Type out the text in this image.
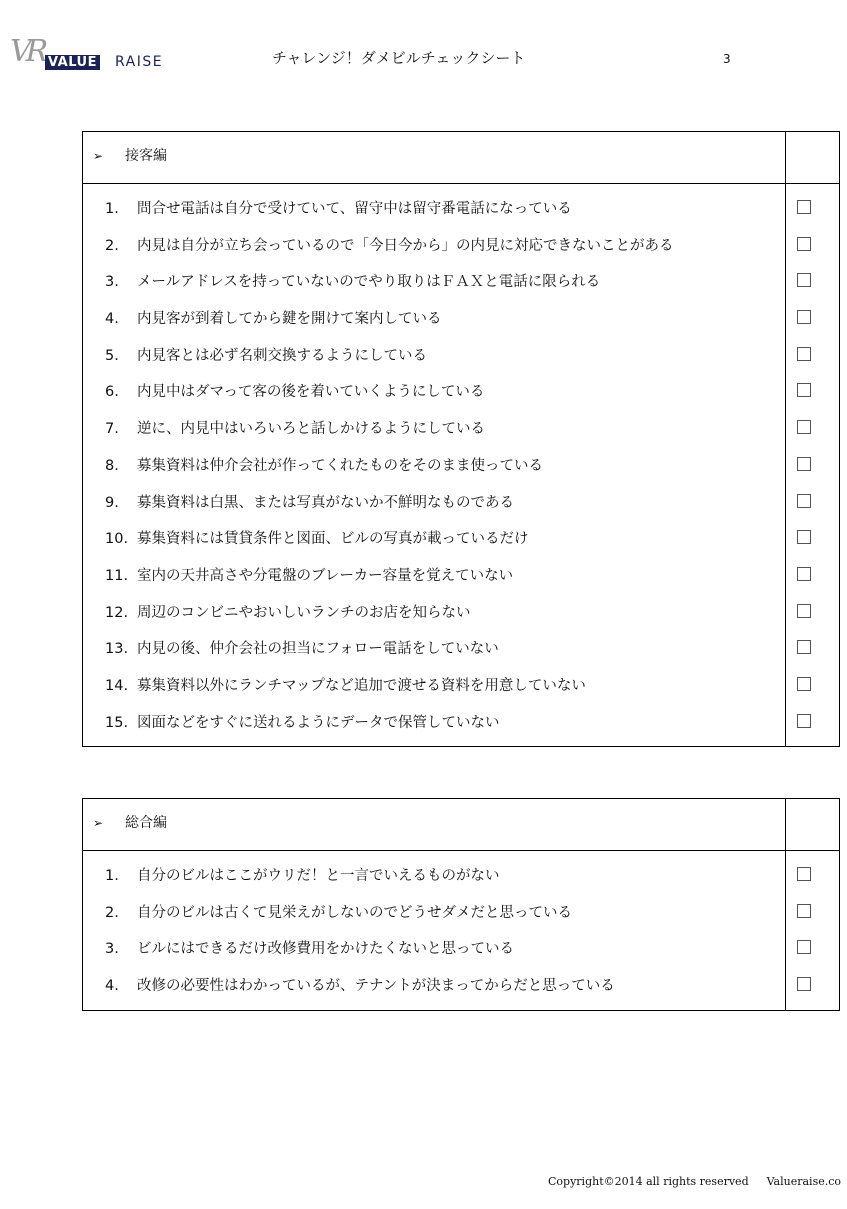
VR VALUE RAISE	チャレンジ！ダメビルチェックシート	3
➢ 接客編
1. 問合せ電話は自分で受けていて、留守中は留守番電話になっている
2. 内見は自分が立ち会っているので「今日今から」の内見に対応できないことがある
3. メールアドレスを持っていないのでやり取りはＦＡＸと電話に限られる
4. 内見客が到着してから鍵を開けて案内している
5. 内見客とは必ず名刺交換するようにしている
6. 内見中はダマって客の後を着いていくようにしている
7. 逆に、内見中はいろいろと話しかけるようにしている
8. 募集資料は仲介会社が作ってくれたものをそのまま使っている
9. 募集資料は白黒、または写真がないか不鮮明なものである
10. 募集資料には賃貸条件と図面、ビルの写真が載っているだけ
11. 室内の天井高さや分電盤のブレーカー容量を覚えていない
12. 周辺のコンビニやおいしいランチのお店を知らない
13. 内見の後、仲介会社の担当にフォロー電話をしていない
14. 募集資料以外にランチマップなど追加で渡せる資料を用意していない
15. 図面などをすぐに送れるようにデータで保管していない
➢ 総合編
1. 自分のビルはここがウリだ！と一言でいえるものがない
2. 自分のビルは古くて見栄えがしないのでどうせダメだと思っている
3. ビルにはできるだけ改修費用をかけたくないと思っている
4. 改修の必要性はわかっているが、テナントが決まってからだと思っている
Copyright©2014 all rights reserved Valueraise.co
